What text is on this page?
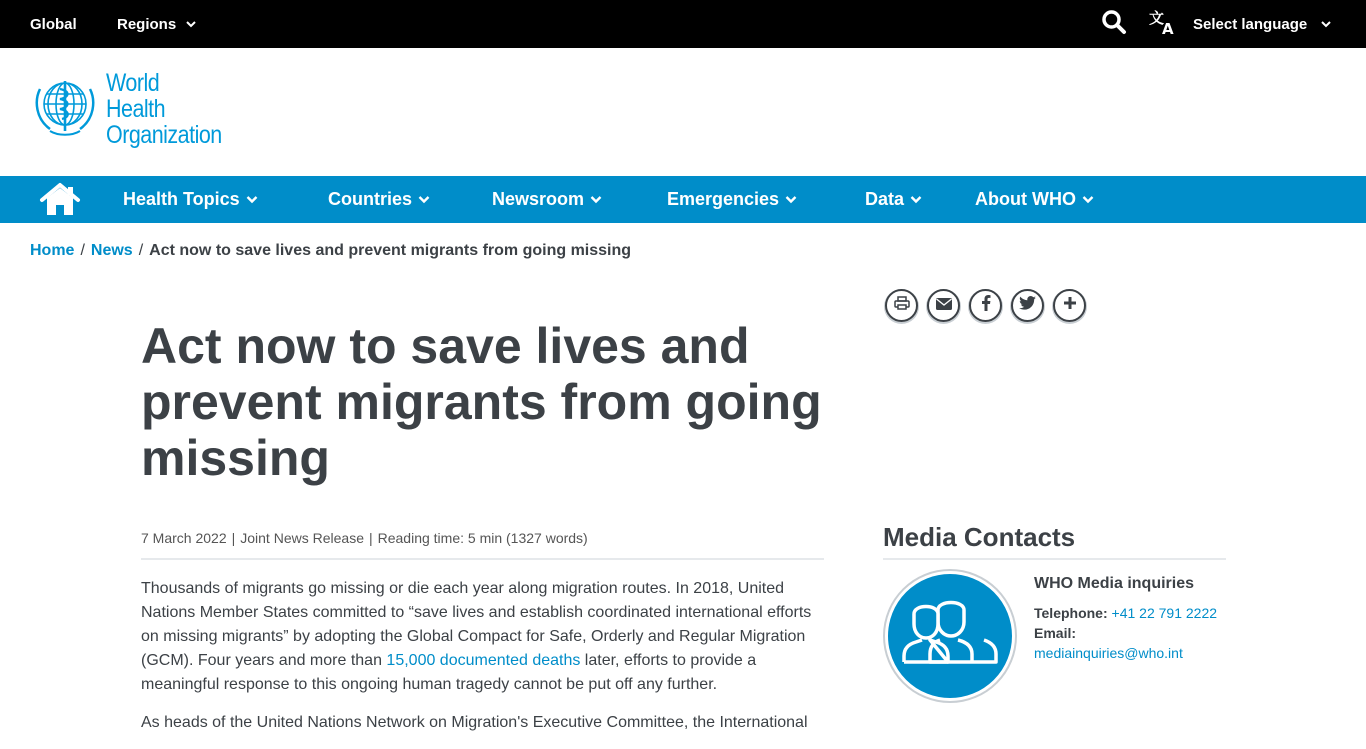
Global	Regions	文
A Select language
World Health
Organization
Health Topics	Countries	Newsroom	Emergencies	Data	About WHO
Home / News / Act now to save lives and prevent migrants from going missing
Act now to save lives and prevent migrants from going missing
7 March 2022 | Joint News Release | Reading time: 5 min (1327 words)

Thousands of migrants go missing or die each year along migration routes. In 2018, United Nations Member States committed to “save lives and establish coordinated international efforts on missing migrants” by adopting the Global Compact for Safe, Orderly and Regular Migration (GCM). Four years and more than 15,000 documented deaths later, efforts to provide a meaningful response to this ongoing human tragedy cannot be put off any further.

As heads of the United Nations Network on Migration's Executive Committee, the International

Media Contacts
WHO Media inquiries
Telephone: +41 22 791 2222
Email:
mediainquiries@who.int
